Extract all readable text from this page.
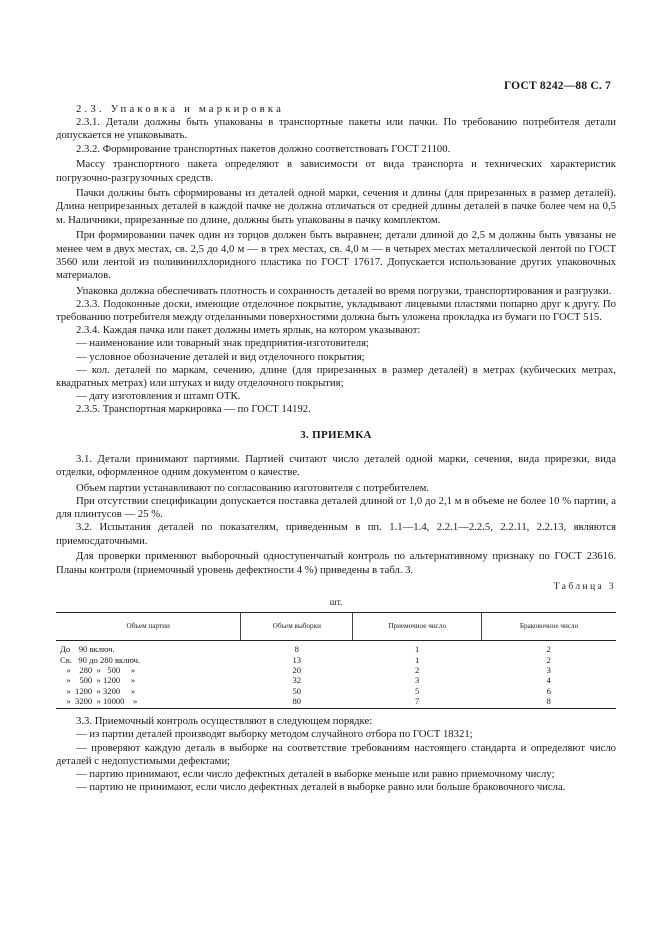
ГОСТ 8242—88 С. 7

2.3. Упаковка и маркировка

2.3.1. Детали должны быть упакованы в транспортные пакеты или пачки. По требованию потребителя детали допускается не упаковывать.

2.3.2. Формирование транспортных пакетов должно соответствовать ГОСТ 21100.

Массу транспортного пакета определяют в зависимости от вида транспорта и технических характеристик погрузочно-разгрузочных средств.

Пачки должны быть сформированы из деталей одной марки, сечения и длины (для прирезанных в размер деталей). Длина неприрезанных деталей в каждой пачке не должна отличаться от средней длины деталей в пачке более чем на 0,5 м. Наличники, прирезанные по длине, должны быть упакованы в пачку комплектом.

При формировании пачек один из торцов должен быть выравнен; детали длиной до 2,5 м должны быть увязаны не менее чем в двух местах, св. 2,5 до 4,0 м — в трех местах, св. 4,0 м — в четырех местах металлической лентой по ГОСТ 3560 или лентой из поливинилхлоридного пластика по ГОСТ 17617. Допускается использование других упаковочных материалов.

Упаковка должна обеспечивать плотность и сохранность деталей во время погрузки, транспортирования и разгрузки.

2.3.3. Подоконные доски, имеющие отделочное покрытие, укладывают лицевыми пластями попарно друг к другу. По требованию потребителя между отделанными поверхностями должна быть уложена прокладка из бумаги по ГОСТ 515.

2.3.4. Каждая пачка или пакет должны иметь ярлык, на котором указывают:

— наименование или товарный знак предприятия-изготовителя;

— условное обозначение деталей и вид отделочного покрытия;

— кол. деталей по маркам, сечению, длине (для прирезанных в размер деталей) в метрах (кубических метрах, квадратных метрах) или штуках и виду отделочного покрытия;

— дату изготовления и штамп ОТК.

2.3.5. Транспортная маркировка — по ГОСТ 14192.

3. ПРИЕМКА

3.1. Детали принимают партиями. Партией считают число деталей одной марки, сечения, вида прирезки, вида отделки, оформленное одним документом о качестве.

Объем партии устанавливают по согласованию изготовителя с потребителем.

При отсутствии спецификации допускается поставка деталей длиной от 1,0 до 2,1 м в объеме не более 10 % партии, а для плинтусов — 25 %.

3.2. Испытания деталей по показателям, приведенным в пп. 1.1—1.4, 2.2.1—2.2.5, 2.2.11, 2.2.13, являются приемосдаточными.

Для проверки применяют выборочный одноступенчатый контроль по альтернативному признаку по ГОСТ 23616. Планы контроля (приемочный уровень дефектности 4 %) приведены в табл. 3.

Таблица 3
шт.
Объем партии	Объем выборки	Приемочное число	Браковочное число
До    90 включ.	8	1	2
Св.   90 до 280 включ.	13	1	2
»    280  »   500     »	20	2	3
»    500  » 1200     »	32	3	4
»  1200  » 3200     »	50	5	6
»  3200  » 10000    »	80	7	8

3.3. Приемочный контроль осуществляют в следующем порядке:

— из партии деталей производят выборку методом случайного отбора по ГОСТ 18321;

— проверяют каждую деталь в выборке на соответствие требованиям настоящего стандарта и определяют число деталей с недопустимыми дефектами;

— партию принимают, если число дефектных деталей в выборке меньше или равно приемочному числу;

— партию не принимают, если число дефектных деталей в выборке равно или больше браковочного числа.
